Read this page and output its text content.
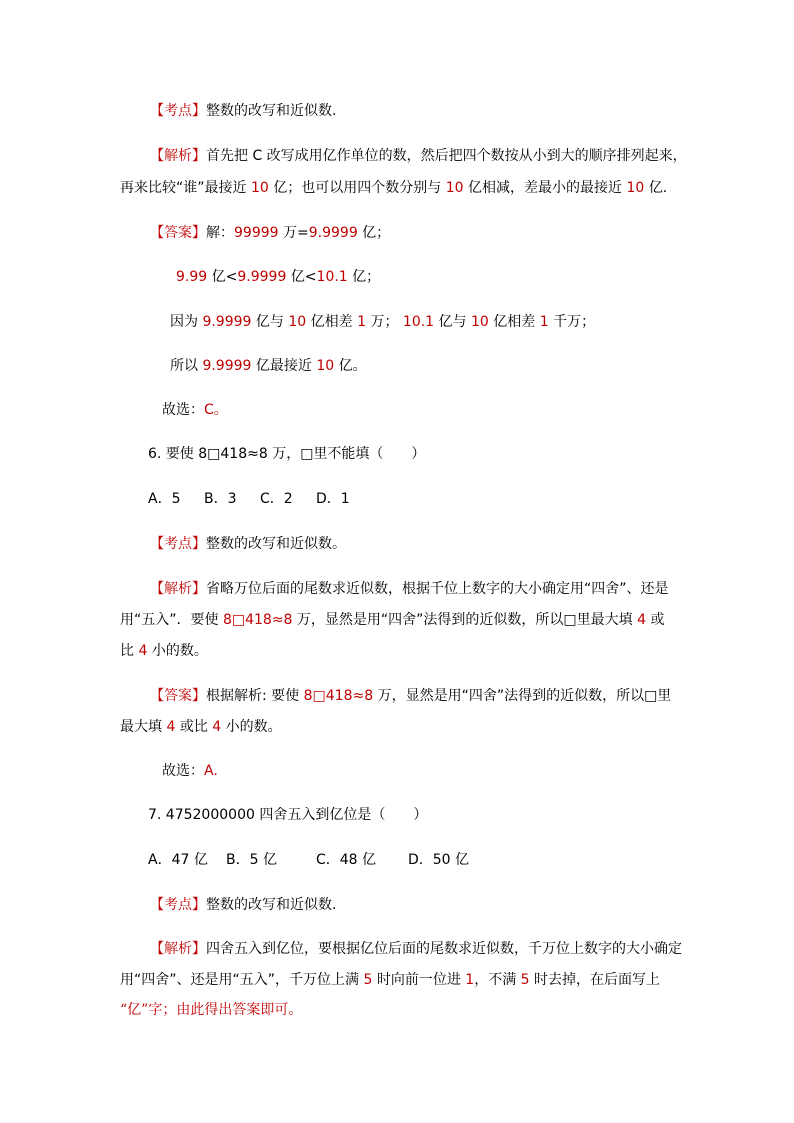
【考点】整数的改写和近似数.
【解析】首先把 C 改写成用亿作单位的数，然后把四个数按从小到大的顺序排列起来，
再来比较“谁”最接近 10 亿；也可以用四个数分别与 10 亿相减，差最小的最接近 10 亿.
【答案】解：99999 万=9.9999 亿；
9.99 亿<9.9999 亿<10.1 亿；
因为 9.9999 亿与 10 亿相差 1 万； 10.1 亿与 10 亿相差 1 千万；
所以 9.9999 亿最接近 10 亿。
故选：C。
6. 要使 8□418≈8 万，□里不能填（　　）
A．5 B．3 C．2 D．1
【考点】整数的改写和近似数。
【解析】省略万位后面的尾数求近似数，根据千位上数字的大小确定用“四舍”、还是
用“五入”．要使 8□418≈8 万，显然是用“四舍”法得到的近似数，所以□里最大填 4 或
比 4 小的数。
【答案】根据解析: 要使 8□418≈8 万，显然是用“四舍”法得到的近似数，所以□里
最大填 4 或比 4 小的数。
故选：A.
7. 4752000000 四舍五入到亿位是（　　）
A．47 亿 B．5 亿	C．48 亿 D．50 亿
【考点】整数的改写和近似数.
【解析】四舍五入到亿位，要根据亿位后面的尾数求近似数，千万位上数字的大小确定
用“四舍”、还是用“五入”，千万位上满 5 时向前一位进 1，不满 5 时去掉，在后面写上
“亿”字；由此得出答案即可。
